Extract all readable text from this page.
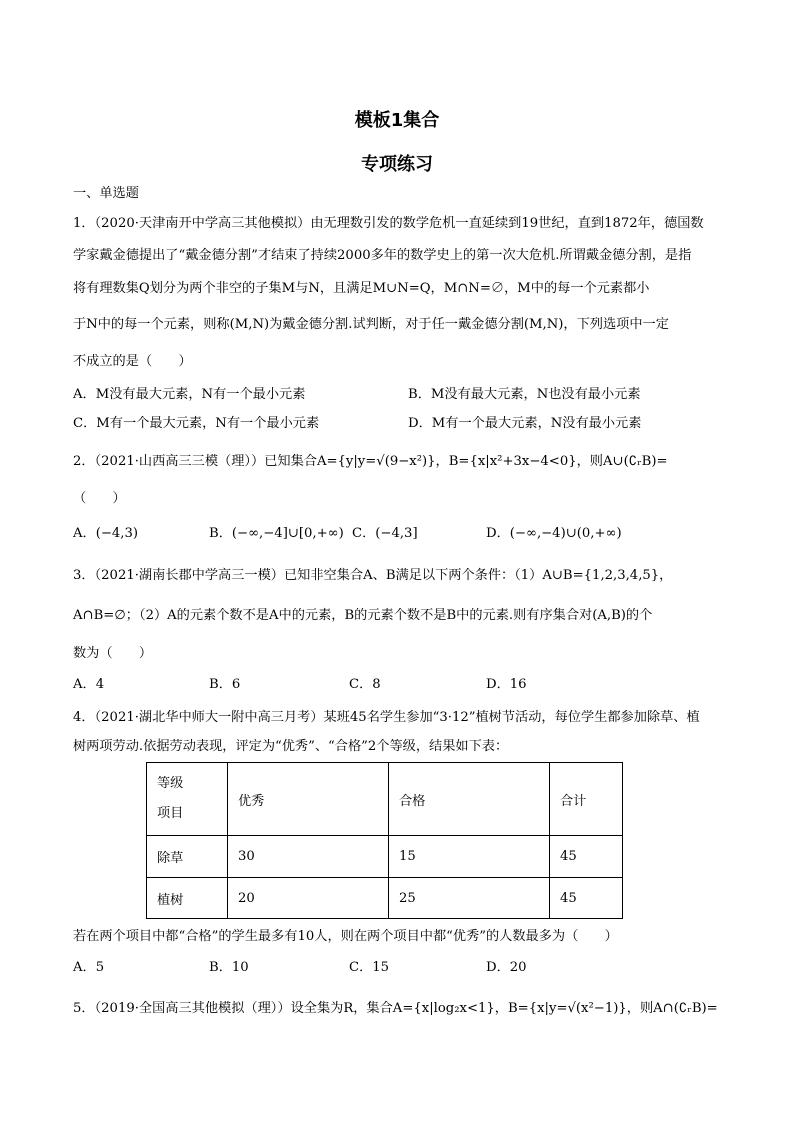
模板1集合
专项练习
一、单选题
1．（2020·天津南开中学高三其他模拟）由无理数引发的数学危机一直延续到19世纪，直到1872年，德国数
学家戴金德提出了“戴金德分割”才结束了持续2000多年的数学史上的第一次大危机.所谓戴金德分割，是指
将有理数集Q划分为两个非空的子集M与N，且满足M∪N=Q，M∩N=∅，M中的每一个元素都小
于N中的每一个元素，则称(M,N)为戴金德分割.试判断，对于任一戴金德分割(M,N)，下列选项中一定
不成立的是（　　）
A．M没有最大元素，N有一个最小元素	B．M没有最大元素，N也没有最小元素
C．M有一个最大元素，N有一个最小元素	D．M有一个最大元素，N没有最小元素
2．（2021·山西高三三模（理））已知集合A={y|y=√(9−x²)}，B={x|x²+3x−4<0}，则A∪(∁ᵣB)=
（　　）
A．(−4,3)	B．(−∞,−4]∪[0,+∞) C．(−4,3]	D．(−∞,−4)∪(0,+∞)
3．（2021·湖南长郡中学高三一模）已知非空集合A、B满足以下两个条件：（1）A∪B={1,2,3,4,5}，
A∩B=∅；（2）A的元素个数不是A中的元素，B的元素个数不是B中的元素.则有序集合对(A,B)的个
数为（　　）
A．4	B．6	C．8	D．16
4．（2021·湖北华中师大一附中高三月考）某班45名学生参加“3·12”植树节活动，每位学生都参加除草、植
树两项劳动.依据劳动表现，评定为“优秀”、“合格”2个等级，结果如下表：
等级
项目	优秀	合格	合计
除草	30	15	45
植树	20	25	45
若在两个项目中都“合格”的学生最多有10人，则在两个项目中都“优秀”的人数最多为（　　）
A．5	B．10	C．15	D．20
5．（2019·全国高三其他模拟（理））设全集为R，集合A={x|log₂x<1}，B={x|y=√(x²−1)}，则A∩(∁ᵣB)=
